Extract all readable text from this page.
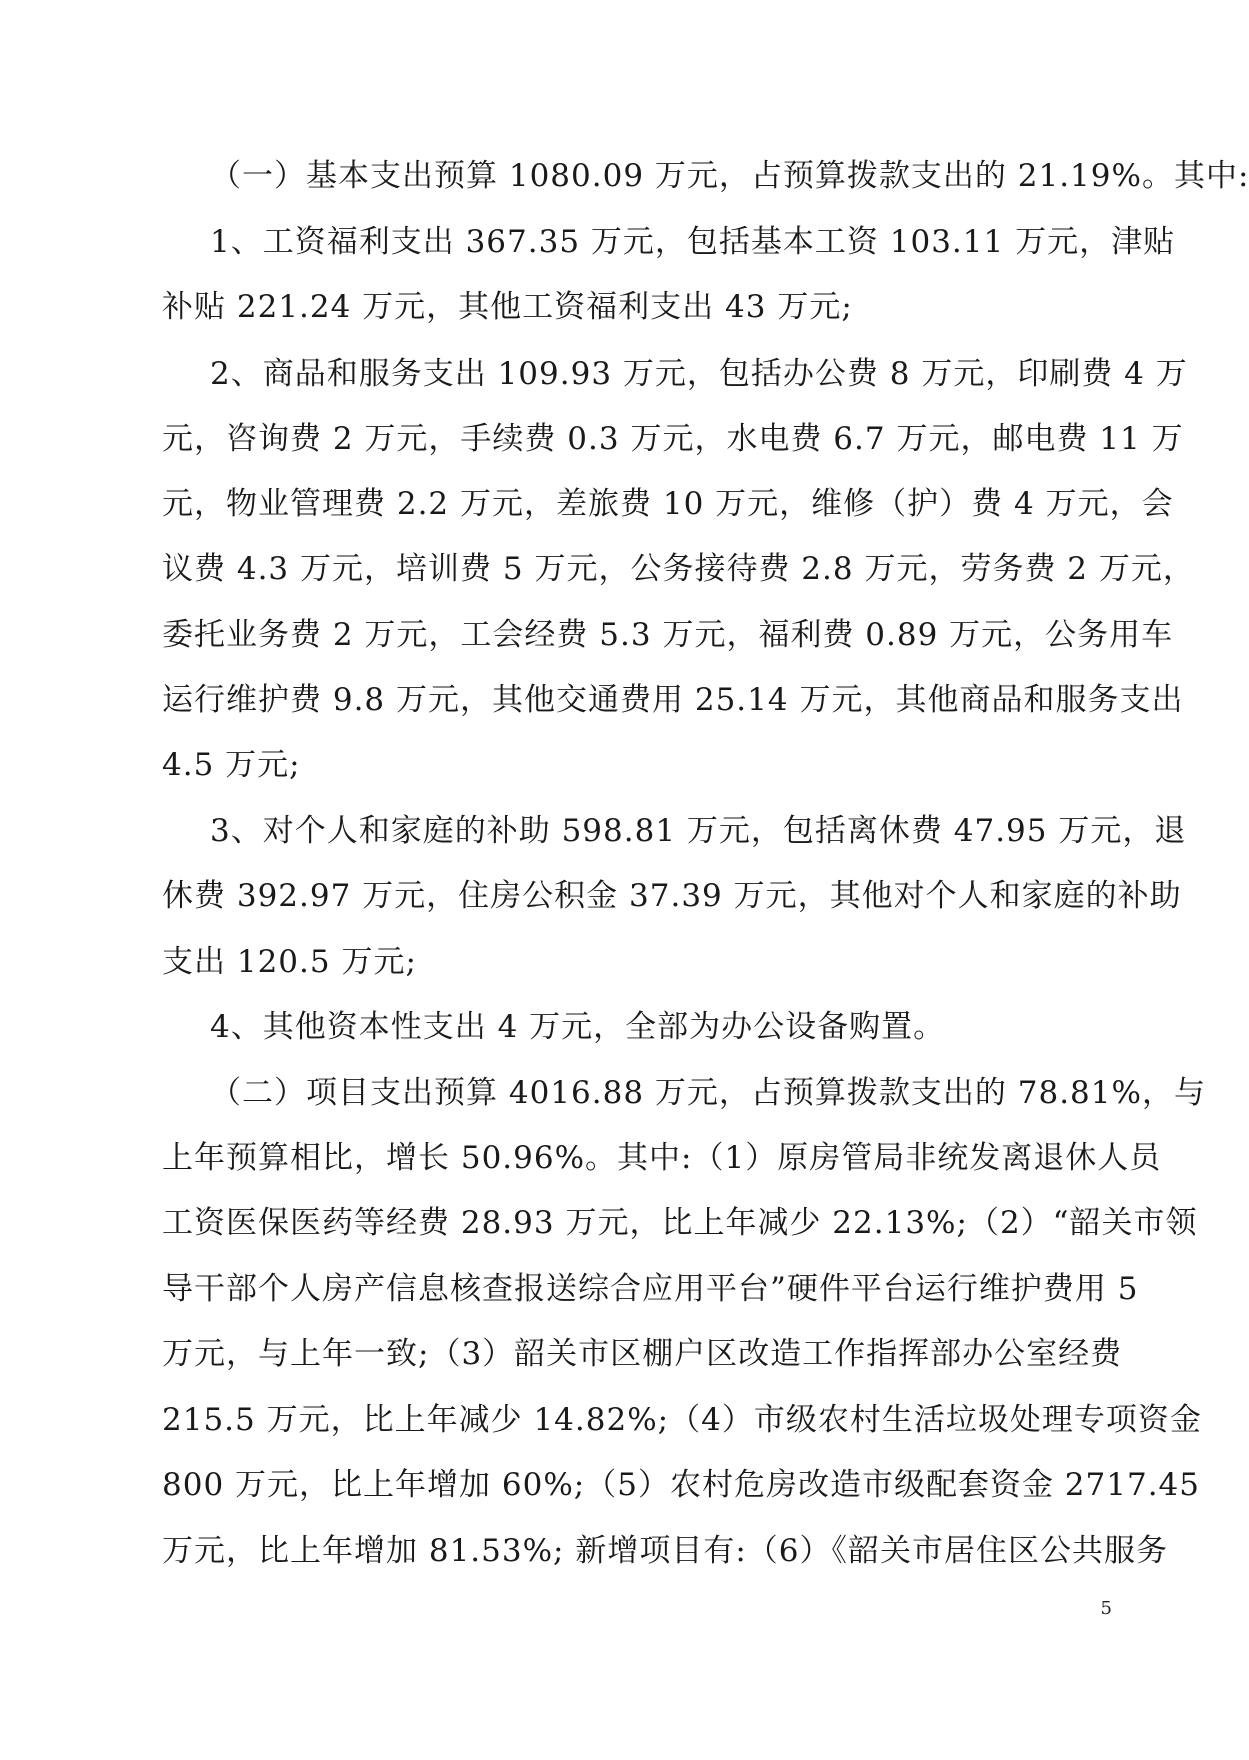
（一）基本支出预算 1080.09 万元，占预算拨款支出的 21.19%。其中:
1、工资福利支出 367.35 万元，包括基本工资 103.11 万元，津贴
补贴 221.24 万元，其他工资福利支出 43 万元;
2、商品和服务支出 109.93 万元，包括办公费 8 万元，印刷费 4 万
元，咨询费 2 万元，手续费 0.3 万元，水电费 6.7 万元，邮电费 11 万
元，物业管理费 2.2 万元，差旅费 10 万元，维修（护）费 4 万元，会
议费 4.3 万元，培训费 5 万元，公务接待费 2.8 万元，劳务费 2 万元，
委托业务费 2 万元，工会经费 5.3 万元，福利费 0.89 万元，公务用车
运行维护费 9.8 万元，其他交通费用 25.14 万元，其他商品和服务支出
4.5 万元;
3、对个人和家庭的补助 598.81 万元，包括离休费 47.95 万元，退
休费 392.97 万元，住房公积金 37.39 万元，其他对个人和家庭的补助
支出 120.5 万元;
4、其他资本性支出 4 万元，全部为办公设备购置。
（二）项目支出预算 4016.88 万元，占预算拨款支出的 78.81%，与
上年预算相比，增长 50.96%。其中:（1）原房管局非统发离退休人员
工资医保医药等经费 28.93 万元，比上年减少 22.13%;（2）“韶关市领
导干部个人房产信息核查报送综合应用平台”硬件平台运行维护费用 5
万元，与上年一致;（3）韶关市区棚户区改造工作指挥部办公室经费
215.5 万元，比上年减少 14.82%;（4）市级农村生活垃圾处理专项资金
800 万元，比上年增加 60%;（5）农村危房改造市级配套资金 2717.45
万元，比上年增加 81.53%; 新增项目有:（6）《韶关市居住区公共服务
5
